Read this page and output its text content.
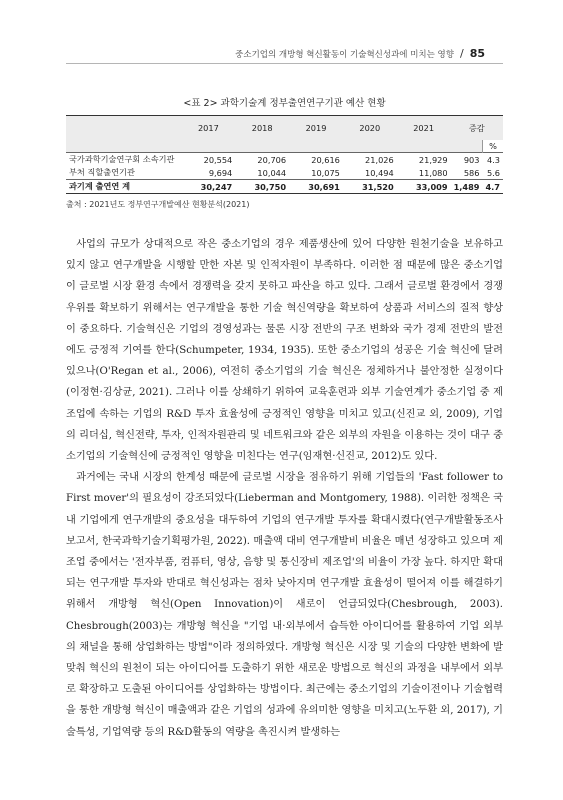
중소기업의 개방형 혁신활동이 기술혁신성과에 미치는 영향 / 85
<표 2> 과학기술계 정부출연연구기관 예산 현황
	2017	2018	2019	2020	2021	증감	
							%
국가과학기술연구회 소속기관	20,554	20,706	20,616	21,026	21,929	903	4.3
부처 직할출연기관	9,694	10,044	10,075	10,494	11,080	586	5.6
과기계 출연연 계	30,247	30,750	30,691	31,520	33,009	1,489	4.7
출처 : 2021년도 정부연구개발예산 현황분석(2021)

사업의 규모가 상대적으로 작은 중소기업의 경우 제품생산에 있어 다양한 원천기술을 보유하고 있지 않고 연구개발을 시행할 만한 자본 및 인적자원이 부족하다. 이러한 점 때문에 많은 중소기업이 글로벌 시장 환경 속에서 경쟁력을 갖지 못하고 파산을 하고 있다. 그래서 글로벌 환경에서 경쟁우위를 확보하기 위해서는 연구개발을 통한 기술 혁신역량을 확보하여 상품과 서비스의 질적 향상이 중요하다. 기술혁신은 기업의 경영성과는 물론 시장 전반의 구조 변화와 국가 경제 전반의 발전에도 긍정적 기여를 한다(Schumpeter, 1934, 1935). 또한 중소기업의 성공은 기술 혁신에 달려 있으나(O'Regan et al., 2006), 여전히 중소기업의 기술 혁신은 정체하거나 불안정한 실정이다(이정현·김상균, 2021). 그러나 이를 상쇄하기 위하여 교육훈련과 외부 기술연계가 중소기업 중 제조업에 속하는 기업의 R&D 투자 효율성에 긍정적인 영향을 미치고 있고(신진교 외, 2009), 기업의 리더십, 혁신전략, 투자, 인적자원관리 및 네트워크와 같은 외부의 자원을 이용하는 것이 대구 중소기업의 기술혁신에 긍정적인 영향을 미친다는 연구(임재현·신진교, 2012)도 있다.

과거에는 국내 시장의 한계성 때문에 글로벌 시장을 점유하기 위해 기업들의 'Fast follower to First mover'의 필요성이 강조되었다(Lieberman and Montgomery, 1988). 이러한 정책은 국내 기업에게 연구개발의 중요성을 대두하여 기업의 연구개발 투자를 확대시켰다(연구개발활동조사보고서, 한국과학기술기획평가원, 2022). 매출액 대비 연구개발비 비율은 매년 성장하고 있으며 제조업 중에서는 '전자부품, 컴퓨터, 영상, 음향 및 통신장비 제조업'의 비율이 가장 높다. 하지만 확대되는 연구개발 투자와 반대로 혁신성과는 점차 낮아지며 연구개발 효율성이 떨어져 이를 해결하기 위해서 개방형 혁신(Open Innovation)이 새로이 언급되었다(Chesbrough, 2003). Chesbrough(2003)는 개방형 혁신을 "기업 내·외부에서 습득한 아이디어를 활용하여 기업 외부의 채널을 통해 상업화하는 방법"이라 정의하였다. 개방형 혁신은 시장 및 기술의 다양한 변화에 발맞춰 혁신의 원천이 되는 아이디어를 도출하기 위한 새로운 방법으로 혁신의 과정을 내부에서 외부로 확장하고 도출된 아이디어를 상업화하는 방법이다. 최근에는 중소기업의 기술이전이나 기술협력을 통한 개방형 혁신이 매출액과 같은 기업의 성과에 유의미한 영향을 미치고(노두환 외, 2017), 기술특성, 기업역량 등의 R&D활동의 역량을 촉진시켜 발생하는
